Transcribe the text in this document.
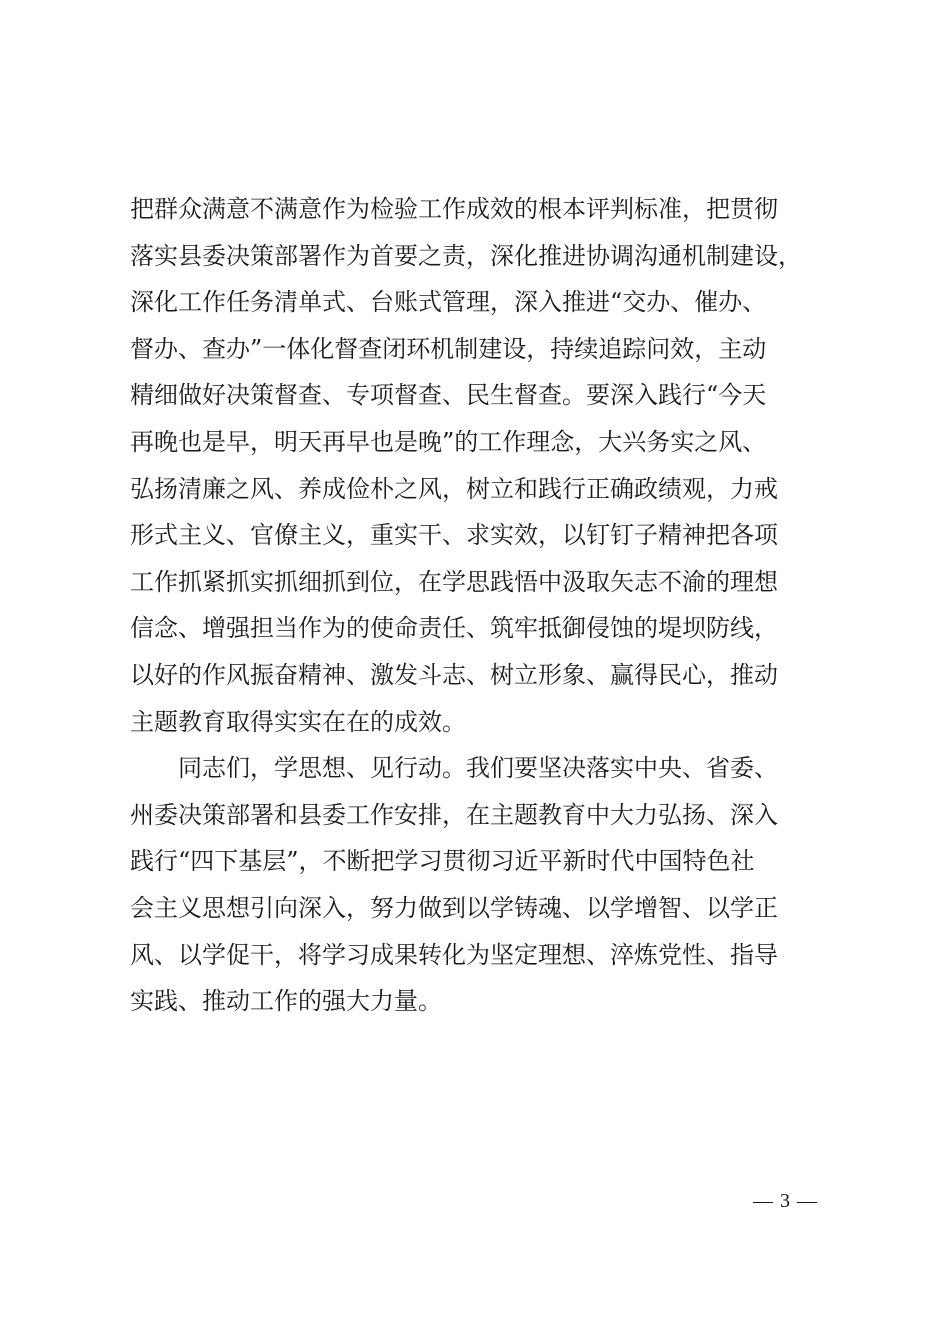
把群众满意不满意作为检验工作成效的根本评判标准，把贯彻
落实县委决策部署作为首要之责，深化推进协调沟通机制建设，
深化工作任务清单式、台账式管理，深入推进“交办、催办、
督办、查办”一体化督查闭环机制建设，持续追踪问效，主动
精细做好决策督查、专项督查、民生督查。要深入践行“今天
再晚也是早，明天再早也是晚”的工作理念，大兴务实之风、
弘扬清廉之风、养成俭朴之风，树立和践行正确政绩观，力戒
形式主义、官僚主义，重实干、求实效，以钉钉子精神把各项
工作抓紧抓实抓细抓到位，在学思践悟中汲取矢志不渝的理想
信念、增强担当作为的使命责任、筑牢抵御侵蚀的堤坝防线，
以好的作风振奋精神、激发斗志、树立形象、赢得民心，推动
主题教育取得实实在在的成效。
　　同志们，学思想、见行动。我们要坚决落实中央、省委、
州委决策部署和县委工作安排，在主题教育中大力弘扬、深入
践行“四下基层”，不断把学习贯彻习近平新时代中国特色社
会主义思想引向深入，努力做到以学铸魂、以学增智、以学正
风、以学促干，将学习成果转化为坚定理想、淬炼党性、指导
实践、推动工作的强大力量。
— 3 —
